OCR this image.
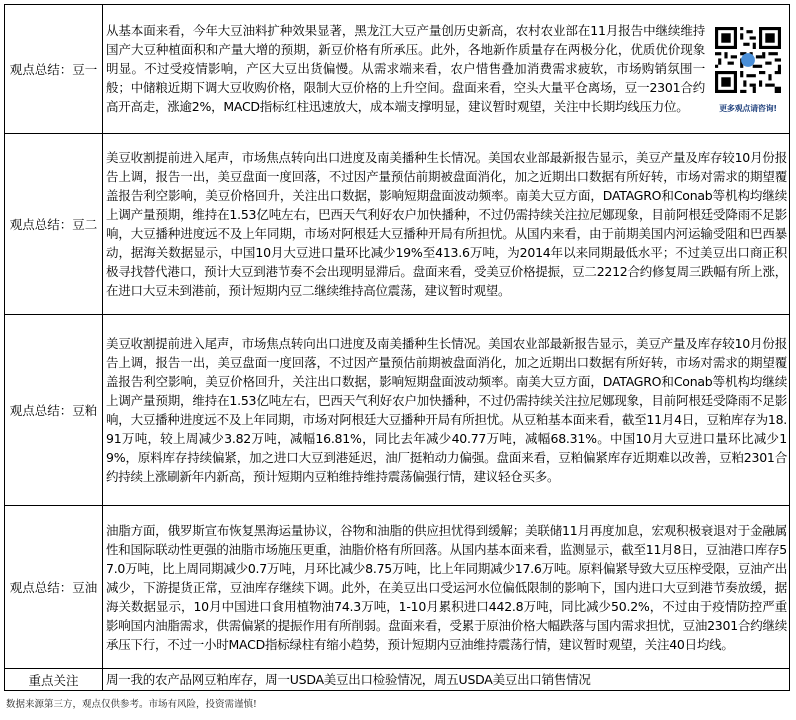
观点总结：豆一	从基本面来看，今年大豆油料扩种效果显著，黑龙江大豆产量创历史新高，农村农业部在11月报告中继续维持国产大豆种植面积和产量大增的预期，新豆价格有所承压。此外，各地新作质量存在两极分化，优质优价现象明显。不过受疫情影响，产区大豆出货偏慢。从需求端来看，农户惜售叠加消费需求疲软，市场购销氛围一般；中储粮近期下调大豆收购价格，限制大豆价格的上升空间。盘面来看，空头大量平仓离场，豆一2301合约高开高走，涨逾2%，MACD指标红柱迅速放大，成本端支撑明显，建议暂时观望，关注中长期均线压力位。 更多观点请咨询!

观点总结：豆二	美豆收割提前进入尾声，市场焦点转向出口进度及南美播种生长情况。美国农业部最新报告显示，美豆产量及库存较10月份报告上调，报告一出，美豆盘面一度回落，不过因产量预估前期被盘面消化，加之近期出口数据有所好转，市场对需求的期望覆盖报告利空影响，美豆价格回升，关注出口数据，影响短期盘面波动频率。南美大豆方面，DATAGRO和Conab等机构均继续上调产量预期，维持在1.53亿吨左右，巴西天气利好农户加快播种，不过仍需持续关注拉尼娜现象，目前阿根廷受降雨不足影响，大豆播种进度远不及上年同期，市场对阿根廷大豆播种开局有所担忧。从国内来看，由于前期美国内河运输受阻和巴西暴动，据海关数据显示，中国10月大豆进口量环比减少19%至413.6万吨，为2014年以来同期最低水平；不过美豆出口商正积极寻找替代港口，预计大豆到港节奏不会出现明显滞后。盘面来看，受美豆价格提振，豆二2212合约修复周三跌幅有所上涨，在进口大豆未到港前，预计短期内豆二继续维持高位震荡，建议暂时观望。
观点总结：豆粕	美豆收割提前进入尾声，市场焦点转向出口进度及南美播种生长情况。美国农业部最新报告显示，美豆产量及库存较10月份报告上调，报告一出，美豆盘面一度回落，不过因产量预估前期被盘面消化，加之近期出口数据有所好转，市场对需求的期望覆盖报告利空影响，美豆价格回升，关注出口数据，影响短期盘面波动频率。南美大豆方面，DATAGRO和Conab等机构均继续上调产量预期，维持在1.53亿吨左右，巴西天气利好农户加快播种，不过仍需持续关注拉尼娜现象，目前阿根廷受降雨不足影响，大豆播种进度远不及上年同期，市场对阿根廷大豆播种开局有所担忧。从豆粕基本面来看，截至11月4日，豆粕库存为18.91万吨，较上周减少3.82万吨，减幅16.81%，同比去年减少40.77万吨，减幅68.31%。中国10月大豆进口量环比减少19%，原料库存持续偏紧，加之进口大豆到港延迟，油厂挺粕动力偏强。盘面来看，豆粕偏紧库存近期难以改善，豆粕2301合约持续上涨刷新年内新高，预计短期内豆粕维持维持震荡偏强行情，建议轻仓买多。
观点总结：豆油	油脂方面，俄罗斯宣布恢复黑海运量协议，谷物和油脂的供应担忧得到缓解；美联储11月再度加息，宏观积极衰退对于金融属性和国际联动性更强的油脂市场施压更重，油脂价格有所回落。从国内基本面来看，监测显示，截至11月8日，豆油港口库存57.0万吨，比上周同期减少0.7万吨，月环比减少8.75万吨，比上年同期减少17.6万吨。原料偏紧导致大豆压榨受限，豆油产出减少，下游提货正常，豆油库存继续下调。此外，在美豆出口受运河水位偏低限制的影响下，国内进口大豆到港节奏放缓，据海关数据显示，10月中国进口食用植物油74.3万吨，1-10月累积进口442.8万吨，同比减少50.2%，不过由于疫情防控严重影响国内油脂需求，供需偏紧的提振作用有所削弱。盘面来看，受累于原油价格大幅跌落与国内需求担忧，豆油2301合约继续承压下行，不过一小时MACD指标绿柱有缩小趋势，预计短期内豆油维持震荡行情，建议暂时观望，关注40日均线。
重点关注	周一我的农产品网豆粕库存，周一USDA美豆出口检验情况，周五USDA美豆出口销售情况
数据来源第三方，观点仅供参考。市场有风险，投资需谨慎!
